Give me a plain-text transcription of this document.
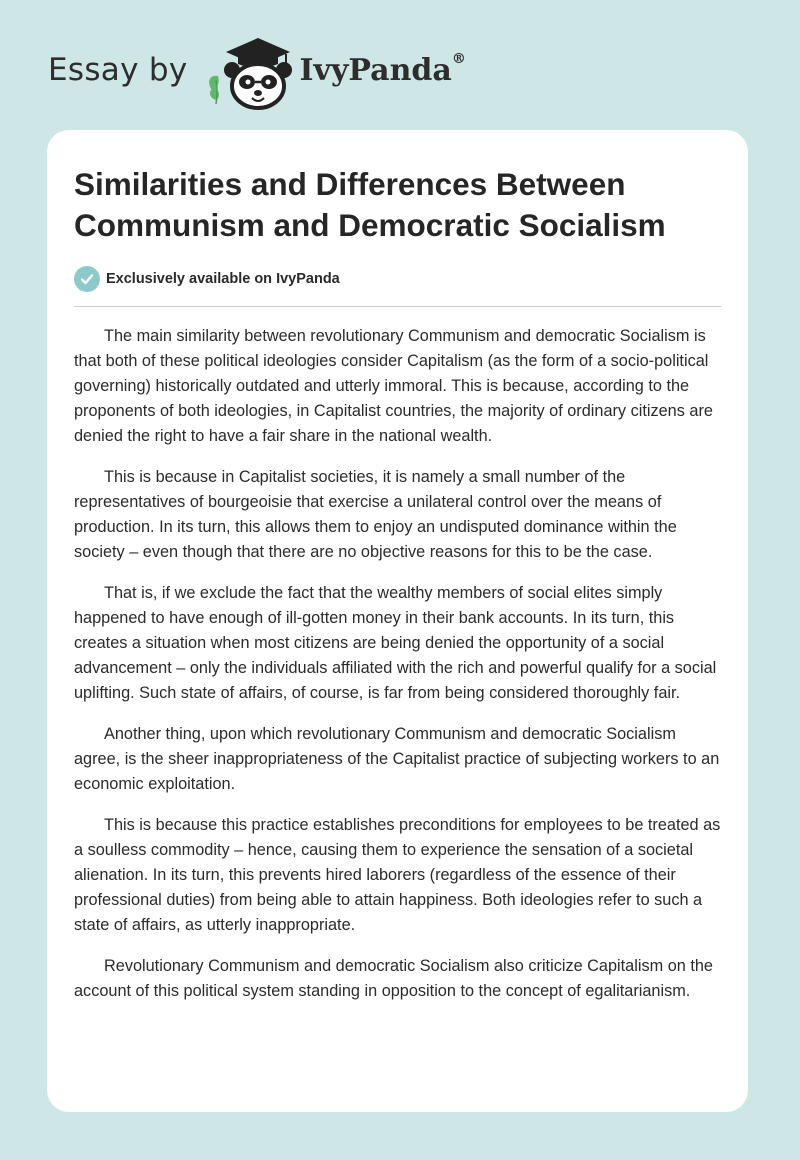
Essay by	IvyPanda®
Similarities and Differences Between Communism and Democratic Socialism
Exclusively available on IvyPanda

The main similarity between revolutionary Communism and democratic Socialism is that both of these political ideologies consider Capitalism (as the form of a socio-political governing) historically outdated and utterly immoral. This is because, according to the proponents of both ideologies, in Capitalist countries, the majority of ordinary citizens are denied the right to have a fair share in the national wealth.

This is because in Capitalist societies, it is namely a small number of the representatives of bourgeoisie that exercise a unilateral control over the means of production. In its turn, this allows them to enjoy an undisputed dominance within the society – even though that there are no objective reasons for this to be the case.

That is, if we exclude the fact that the wealthy members of social elites simply happened to have enough of ill-gotten money in their bank accounts. In its turn, this creates a situation when most citizens are being denied the opportunity of a social advancement – only the individuals affiliated with the rich and powerful qualify for a social uplifting. Such state of affairs, of course, is far from being considered thoroughly fair.

Another thing, upon which revolutionary Communism and democratic Socialism agree, is the sheer inappropriateness of the Capitalist practice of subjecting workers to an economic exploitation.

This is because this practice establishes preconditions for employees to be treated as a soulless commodity – hence, causing them to experience the sensation of a societal alienation. In its turn, this prevents hired laborers (regardless of the essence of their professional duties) from being able to attain happiness. Both ideologies refer to such a state of affairs, as utterly inappropriate.

Revolutionary Communism and democratic Socialism also criticize Capitalism on the account of this political system standing in opposition to the concept of egalitarianism.
